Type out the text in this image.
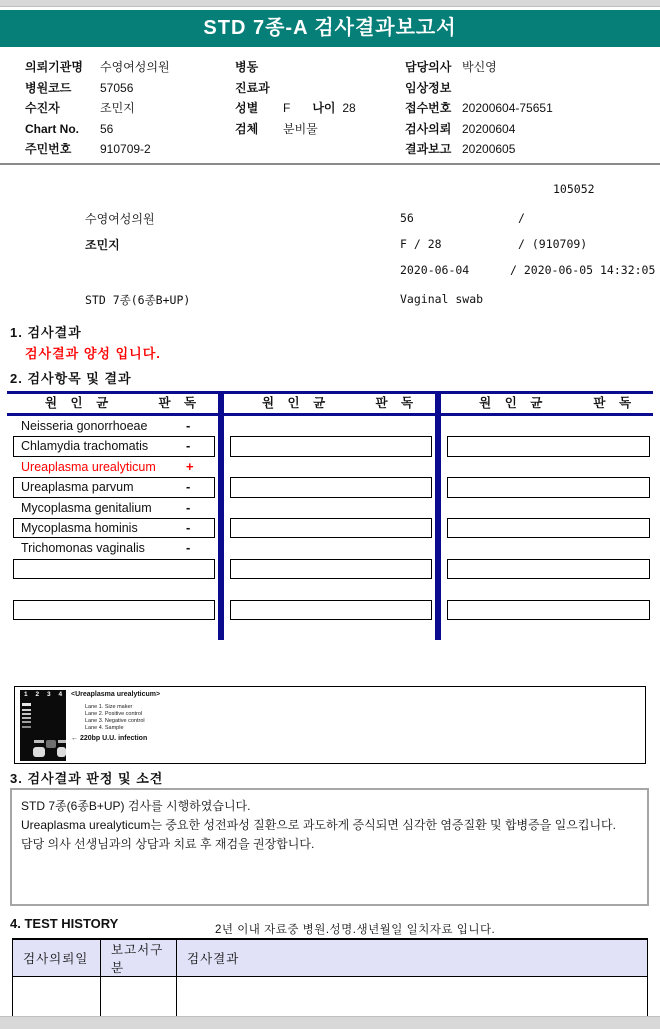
STD 7종-A 검사결과보고서
의뢰기관명 수영여성의원
병원코드 57056
수진자	조민지
Chart No. 56
주민번호 910709-2
병동
진료과
성별 F 나이 28
검체 분비물
담당의사 박신영
임상정보
접수번호 20200604-75651
검사의뢰 20200604
결과보고 20200605
105052
수영여성의원	56	/
조민지	F / 28	/ (910709)
2020-06-04	/ 2020-06-05 14:32:05
STD 7종(6종B+UP)	Vaginal swab
1. 검사결과
검사결과 양성 입니다.
2. 검사항목 및 결과
원 인 균	판 독	원 인 균	판 독	원 인 균	판 독
Neisseria gonorrhoeae	-
Chlamydia trachomatis	-
Ureaplasma urealyticum +
Ureaplasma parvum	-
Mycoplasma genitalium	-
Mycoplasma hominis	-
Trichomonas vaginalis	-
1 2 3 4 <Ureaplasma urealyticum>
Lane 1. Size maker
Lane 2. Positive control
Lane 3. Negative control
Lane 4. Sample
← 220bp U.U. infection
3. 검사결과 판정 및 소견
STD 7종(6종B+UP) 검사를 시행하였습니다.
Ureaplasma urealyticum는 중요한 성전파성 질환으로 과도하게 증식되면 심각한 염증질환 및 합병증을 일으킵니다.
담당 의사 선생님과의 상담과 치료 후 재검을 권장합니다.
4. TEST HISTORY	2년 이내 자료중 병원.성명.생년월일 일치자료 입니다.
검사의뢰일	보고서구분	검사결과
